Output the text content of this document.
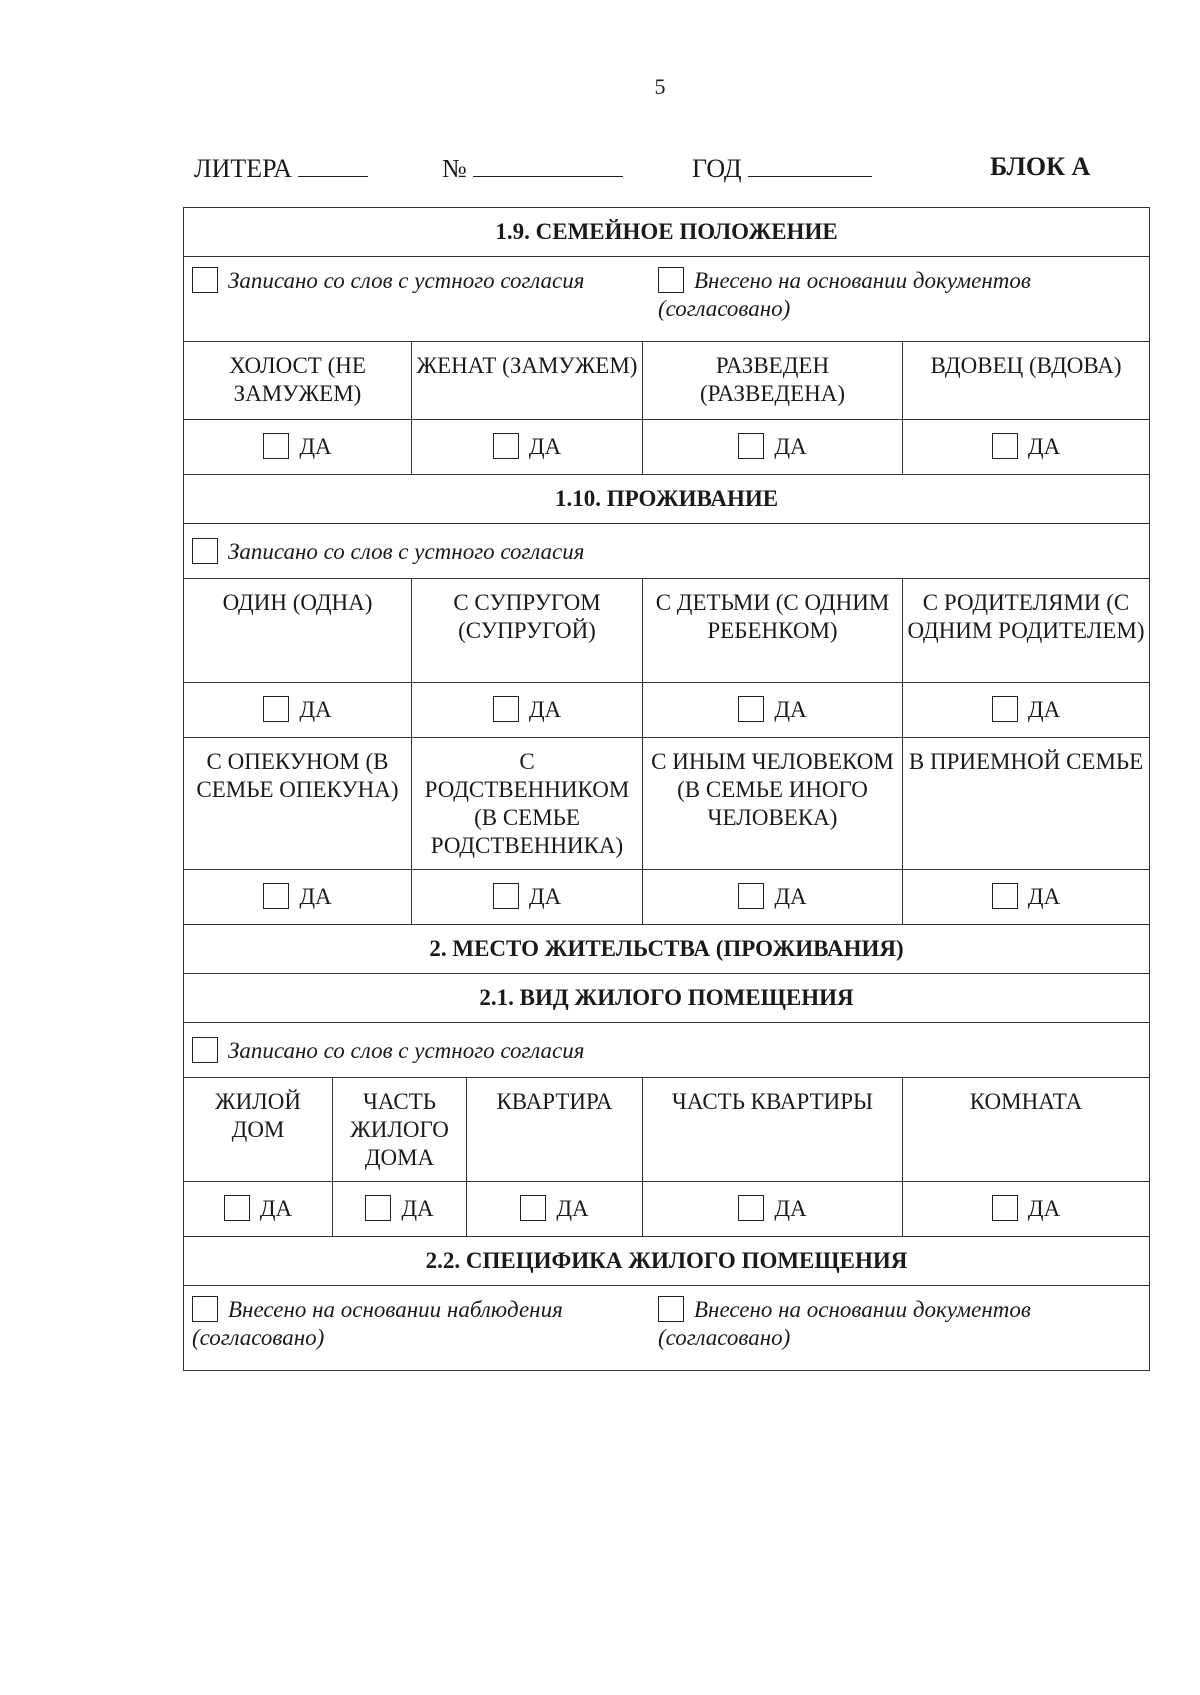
5
ЛИТЕРА	№	ГОД	БЛОК А
1.9. СЕМЕЙНОЕ ПОЛОЖЕНИЕ					

Записано со слов с устного согласия Внесено на основании документов (согласовано)					

ХОЛОСТ (НЕ ЗАМУЖЕМ)		ЖЕНАТ (ЗАМУЖЕМ)		РАЗВЕДЕН (РАЗВЕДЕНА)	ВДОВЕЦ (ВДОВА)
ДА		ДА		ДА	ДА
1.10. ПРОЖИВАНИЕ					
Записано со слов с устного согласия					
ОДИН (ОДНА)		С СУПРУГОМ (СУПРУГОЙ)		С ДЕТЬМИ (С ОДНИМ РЕБЕНКОМ)	С РОДИТЕЛЯМИ (С ОДНИМ РОДИТЕЛЕМ)
ДА		ДА		ДА	ДА
С ОПЕКУНОМ (В СЕМЬЕ ОПЕКУНА)		С РОДСТВЕННИКОМ (В СЕМЬЕ РОДСТВЕННИКА)		С ИНЫМ ЧЕЛОВЕКОМ (В СЕМЬЕ ИНОГО ЧЕЛОВЕКА)	В ПРИЕМНОЙ СЕМЬЕ
ДА		ДА		ДА	ДА
2. МЕСТО ЖИТЕЛЬСТВА (ПРОЖИВАНИЯ)					
2.1. ВИД ЖИЛОГО ПОМЕЩЕНИЯ					
Записано со слов с устного согласия					
ЖИЛОЙ ДОМ	ЧАСТЬ ЖИЛОГО ДОМА		КВАРТИРА	ЧАСТЬ КВАРТИРЫ	КОМНАТА
ДА	ДА		ДА	ДА	ДА
2.2. СПЕЦИФИКА ЖИЛОГО ПОМЕЩЕНИЯ					

Внесено на основании наблюдения (согласовано)
Внесено на основании документов (согласовано)					
